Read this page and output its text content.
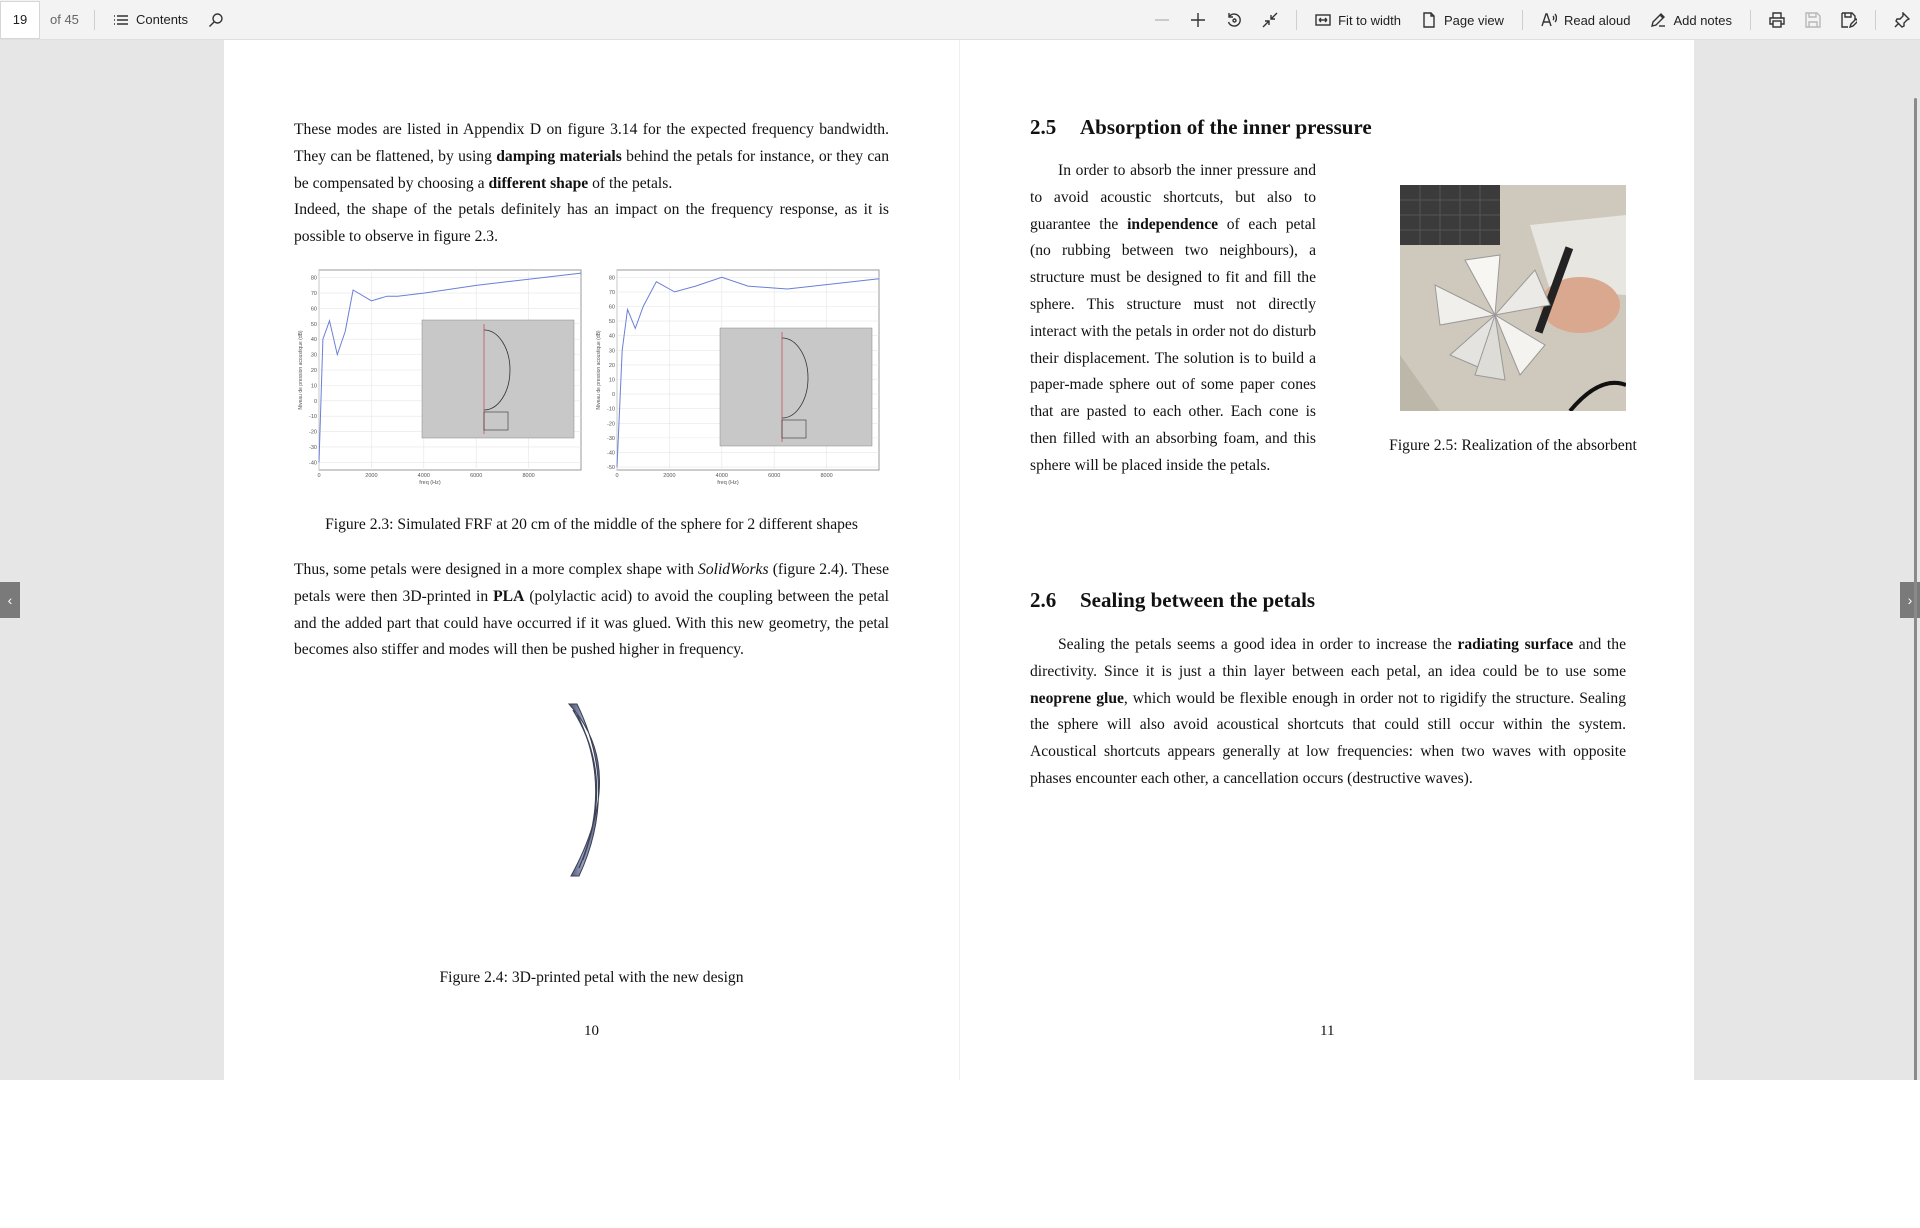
19	of 45	Contents	Fit to width	Page view	Read aloud	Add notes
These modes are listed in Appendix D on figure 3.14 for the expected frequency bandwidth. They can be flattened, by using damping materials behind the petals for instance, or they can be compensated by choosing a different shape of the petals.
Indeed, the shape of the petals definitely has an impact on the frequency response, as it is possible to observe in figure 2.3.
0	2000	4000	6000	8000
80
70
60
50
40
30
20
10
0
-10
-20
-30
-40
freq (Hz)
Niveau de pression acoustique (dB)
0	2000	4000	6000	8000
80
70
60
50
40
30
20
10
0
-10
-20
-30
-40
-50
freq (Hz)
Niveau de pression acoustique (dB)
Figure 2.3: Simulated FRF at 20 cm of the middle of the sphere for 2 different shapes
Thus, some petals were designed in a more complex shape with SolidWorks (figure 2.4). These petals were then 3D-printed in PLA (polylactic acid) to avoid the coupling between the petal and the added part that could have occurred if it was glued. With this new geometry, the petal becomes also stiffer and modes will then be pushed higher in frequency.
Figure 2.4: 3D-printed petal with the new design
10
2.5 Absorption of the inner pressure
In order to absorb the inner pressure and to avoid acoustic shortcuts, but also to guarantee the independence of each petal (no rubbing between two neighbours), a structure must be designed to fit and fill the sphere. This structure must not directly interact with the petals in order not do disturb their displacement. The solution is to build a paper-made sphere out of some paper cones that are pasted to each other. Each cone is then filled with an absorbing foam, and this sphere will be placed inside the petals.
Figure 2.5: Realization of the absorbent
2.6 Sealing between the petals
Sealing the petals seems a good idea in order to increase the radiating surface and the directivity. Since it is just a thin layer between each petal, an idea could be to use some neoprene glue, which would be flexible enough in order not to rigidify the structure. Sealing the sphere will also avoid acoustical shortcuts that could still occur within the system. Acoustical shortcuts appears generally at low frequencies: when two waves with opposite phases encounter each other, a cancellation occurs (destructive waves).
11
‹	›
